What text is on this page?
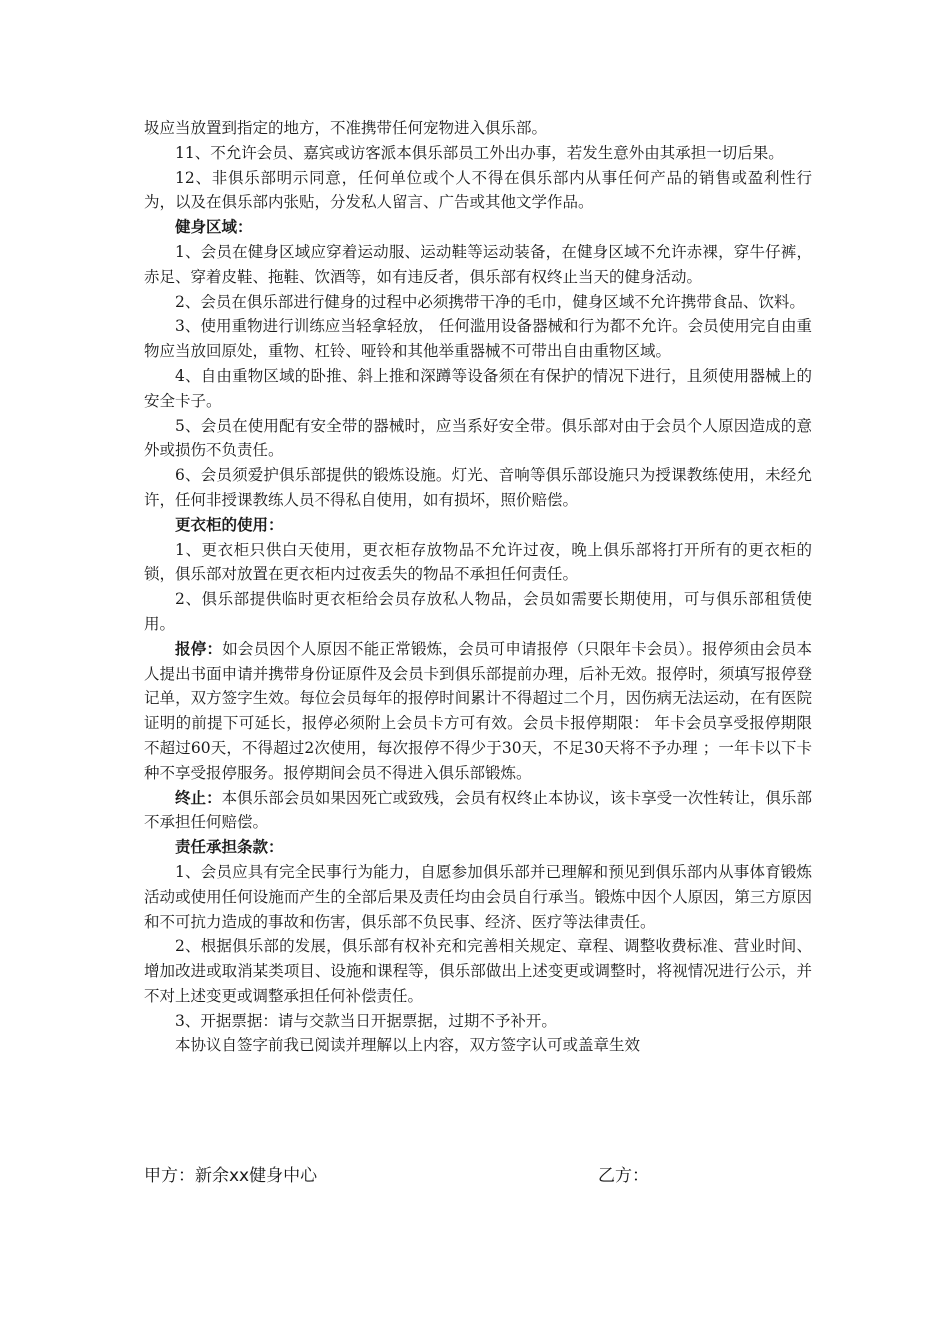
圾应当放置到指定的地方，不准携带任何宠物进入俱乐部。

11、不允许会员、嘉宾或访客派本俱乐部员工外出办事，若发生意外由其承担一切后果。

12、非俱乐部明示同意，任何单位或个人不得在俱乐部内从事任何产品的销售或盈利性行为，以及在俱乐部内张贴，分发私人留言、广告或其他文学作品。

健身区域：

1、会员在健身区域应穿着运动服、运动鞋等运动装备，在健身区域不允许赤裸，穿牛仔裤，赤足、穿着皮鞋、拖鞋、饮酒等，如有违反者，俱乐部有权终止当天的健身活动。

2、会员在俱乐部进行健身的过程中必须携带干净的毛巾，健身区域不允许携带食品、饮料。

3、使用重物进行训练应当轻拿轻放， 任何滥用设备器械和行为都不允许。会员使用完自由重物应当放回原处，重物、杠铃、哑铃和其他举重器械不可带出自由重物区域。

4、自由重物区域的卧推、斜上推和深蹲等设备须在有保护的情况下进行，且须使用器械上的安全卡子。

5、会员在使用配有安全带的器械时，应当系好安全带。俱乐部对由于会员个人原因造成的意外或损伤不负责任。

6、会员须爱护俱乐部提供的锻炼设施。灯光、音响等俱乐部设施只为授课教练使用，未经允许，任何非授课教练人员不得私自使用，如有损坏，照价赔偿。

更衣柜的使用：

1、更衣柜只供白天使用，更衣柜存放物品不允许过夜，晚上俱乐部将打开所有的更衣柜的锁，俱乐部对放置在更衣柜内过夜丢失的物品不承担任何责任。

2、俱乐部提供临时更衣柜给会员存放私人物品，会员如需要长期使用，可与俱乐部租赁使用。

报停：如会员因个人原因不能正常锻炼，会员可申请报停（只限年卡会员）。报停须由会员本人提出书面申请并携带身份证原件及会员卡到俱乐部提前办理，后补无效。报停时，须填写报停登记单，双方签字生效。每位会员每年的报停时间累计不得超过二个月，因伤病无法运动，在有医院证明的前提下可延长，报停必须附上会员卡方可有效。会员卡报停期限： 年卡会员享受报停期限不超过60天，不得超过2次使用，每次报停不得少于30天，不足30天将不予办理 ；一年卡以下卡种不享受报停服务。报停期间会员不得进入俱乐部锻炼。

终止：本俱乐部会员如果因死亡或致残，会员有权终止本协议，该卡享受一次性转让，俱乐部不承担任何赔偿。

责任承担条款：

1、会员应具有完全民事行为能力，自愿参加俱乐部并已理解和预见到俱乐部内从事体育锻炼活动或使用任何设施而产生的全部后果及责任均由会员自行承当。锻炼中因个人原因，第三方原因和不可抗力造成的事故和伤害，俱乐部不负民事、经济、医疗等法律责任。

2、根据俱乐部的发展，俱乐部有权补充和完善相关规定、章程、调整收费标准、营业时间、增加改进或取消某类项目、设施和课程等，俱乐部做出上述变更或调整时，将视情况进行公示，并不对上述变更或调整承担任何补偿责任。

3、开据票据：请与交款当日开据票据，过期不予补开。

本协议自签字前我已阅读并理解以上内容，双方签字认可或盖章生效

甲方：新余xx健身中心	乙方：
